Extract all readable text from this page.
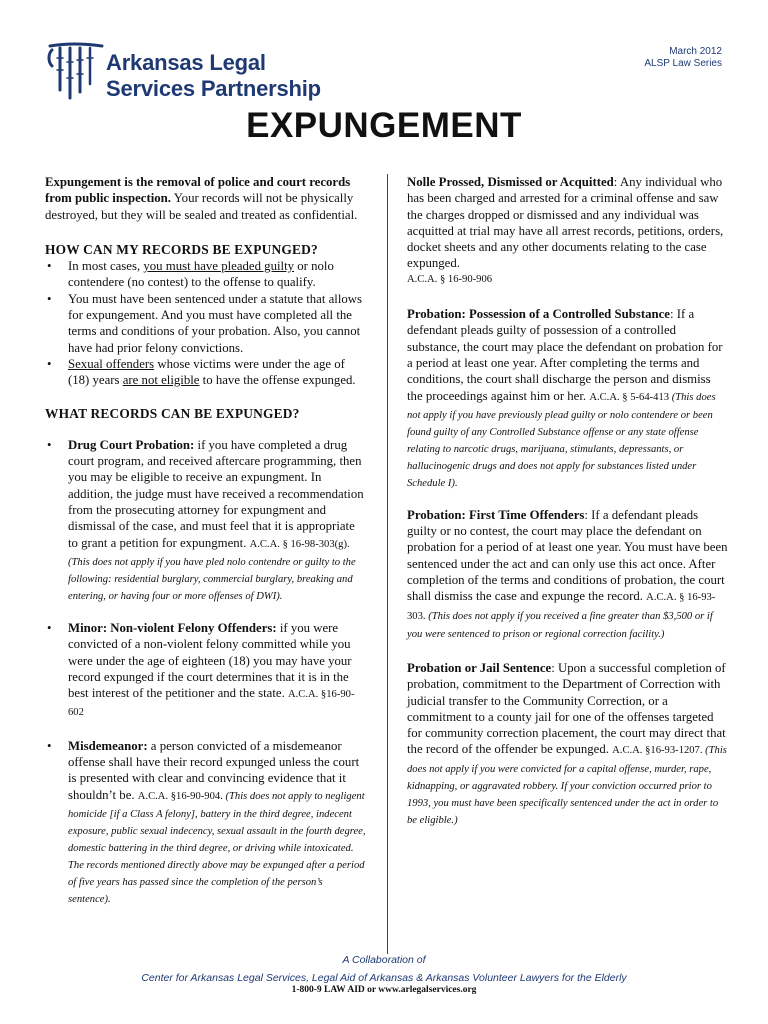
Arkansas Legal
Services Partnership
March 2012
ALSP Law Series
EXPUNGEMENT

Expungement is the removal of police and court records from public inspection. Your records will not be physically destroyed, but they will be sealed and treated as confidential.

HOW CAN MY RECORDS BE EXPUNGED?
• In most cases, you must have pleaded guilty or nolo contendere (no contest) to the offense to qualify.
• You must have been sentenced under a statute that allows for expungement. And you must have completed all the terms and conditions of your probation. Also, you cannot have had prior felony convictions.
• Sexual offenders whose victims were under the age of (18) years are not eligible to have the offense expunged.
WHAT RECORDS CAN BE EXPUNGED?
• Drug Court Probation: if you have completed a drug court program, and received aftercare programming, then you may be eligible to receive an expungment. In addition, the judge must have received a recommendation from the prosecuting attorney for expungment and dismissal of the case, and must feel that it is appropriate to grant a petition for expungment. A.C.A. § 16-98-303(g). (This does not apply if you have pled nolo contendre or guilty to the following: residential burglary, commercial burglary, breaking and entering, or having four or more offenses of DWI).
• Minor: Non-violent Felony Offenders: if you were convicted of a non-violent felony committed while you were under the age of eighteen (18) you may have your record expunged if the court determines that it is in the best interest of the petitioner and the state. A.C.A. §16-90-602
• Misdemeanor: a person convicted of a misdemeanor offense shall have their record expunged unless the court is presented with clear and convincing evidence that it shouldn’t be. A.C.A. §16-90-904. (This does not apply to negligent homicide [if a Class A felony], battery in the third degree, indecent exposure, public sexual indecency, sexual assault in the fourth degree, domestic battering in the third degree, or driving while intoxicated. The records mentioned directly above may be expunged after a period of five years has passed since the completion of the person’s sentence).
Nolle Prossed, Dismissed or Acquitted: Any individual who has been charged and arrested for a criminal offense and saw the charges dropped or dismissed and any individual was acquitted at trial may have all arrest records, petitions, orders, docket sheets and any other documents relating to the case expunged.
A.C.A. § 16-90-906
Probation: Possession of a Controlled Substance: If a defendant pleads guilty of possession of a controlled substance, the court may place the defendant on probation for a period at least one year. After completing the terms and conditions, the court shall discharge the person and dismiss the proceedings against him or her. A.C.A. § 5-64-413 (This does not apply if you have previously plead guilty or nolo contendere or been found guilty of any Controlled Substance offense or any state offense relating to narcotic drugs, marijuana, stimulants, depressants, or hallucinogenic drugs and does not apply for substances listed under Schedule I).
Probation: First Time Offenders: If a defendant pleads guilty or no contest, the court may place the defendant on probation for a period of at least one year. You must have been sentenced under the act and can only use this act once. After completion of the terms and conditions of probation, the court shall dismiss the case and expunge the record. A.C.A. § 16-93-303. (This does not apply if you received a fine greater than $3,500 or if you were sentenced to prison or regional correction facility.)
Probation or Jail Sentence: Upon a successful completion of probation, commitment to the Department of Correction with judicial transfer to the Community Correction, or a commitment to a county jail for one of the offenses targeted for community correction placement, the court may direct that the record of the offender be expunged. A.C.A. §16-93-1207. (This does not apply if you were convicted for a capital offense, murder, rape, kidnapping, or aggravated robbery. If your conviction occurred prior to 1993, you must have been specifically sentenced under the act in order to be eligible.)
A Collaboration of
Center for Arkansas Legal Services, Legal Aid of Arkansas & Arkansas Volunteer Lawyers for the Elderly
1-800-9 LAW AID or www.arlegalservices.org
